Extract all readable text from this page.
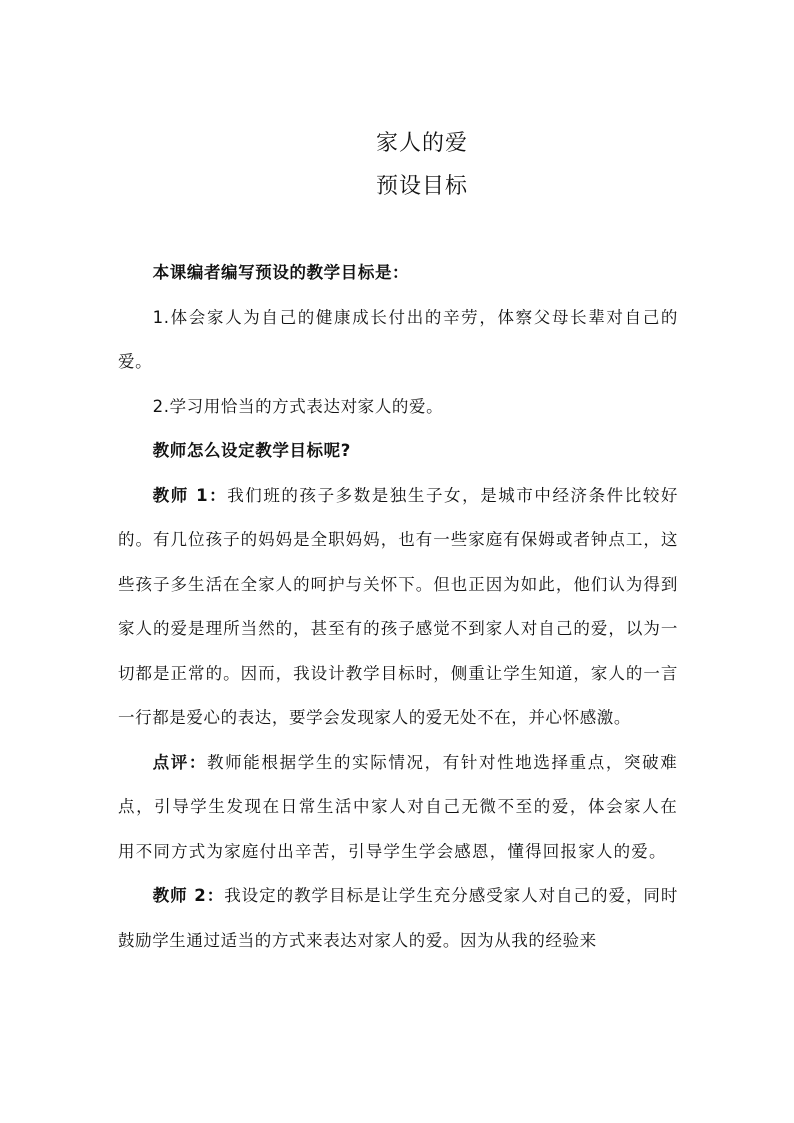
家人的爱
预设目标

本课编者编写预设的教学目标是：

1.体会家人为自己的健康成长付出的辛劳，体察父母长辈对自己的爱。

2.学习用恰当的方式表达对家人的爱。

教师怎么设定教学目标呢?

教师 1：我们班的孩子多数是独生子女，是城市中经济条件比较好的。有几位孩子的妈妈是全职妈妈，也有一些家庭有保姆或者钟点工，这些孩子多生活在全家人的呵护与关怀下。但也正因为如此，他们认为得到家人的爱是理所当然的，甚至有的孩子感觉不到家人对自己的爱，以为一切都是正常的。因而，我设计教学目标时，侧重让学生知道，家人的一言一行都是爱心的表达，要学会发现家人的爱无处不在，并心怀感激。

点评：教师能根据学生的实际情况，有针对性地选择重点，突破难点，引导学生发现在日常生活中家人对自己无微不至的爱，体会家人在用不同方式为家庭付出辛苦，引导学生学会感恩，懂得回报家人的爱。

教师 2：我设定的教学目标是让学生充分感受家人对自己的爱，同时鼓励学生通过适当的方式来表达对家人的爱。因为从我的经验来
